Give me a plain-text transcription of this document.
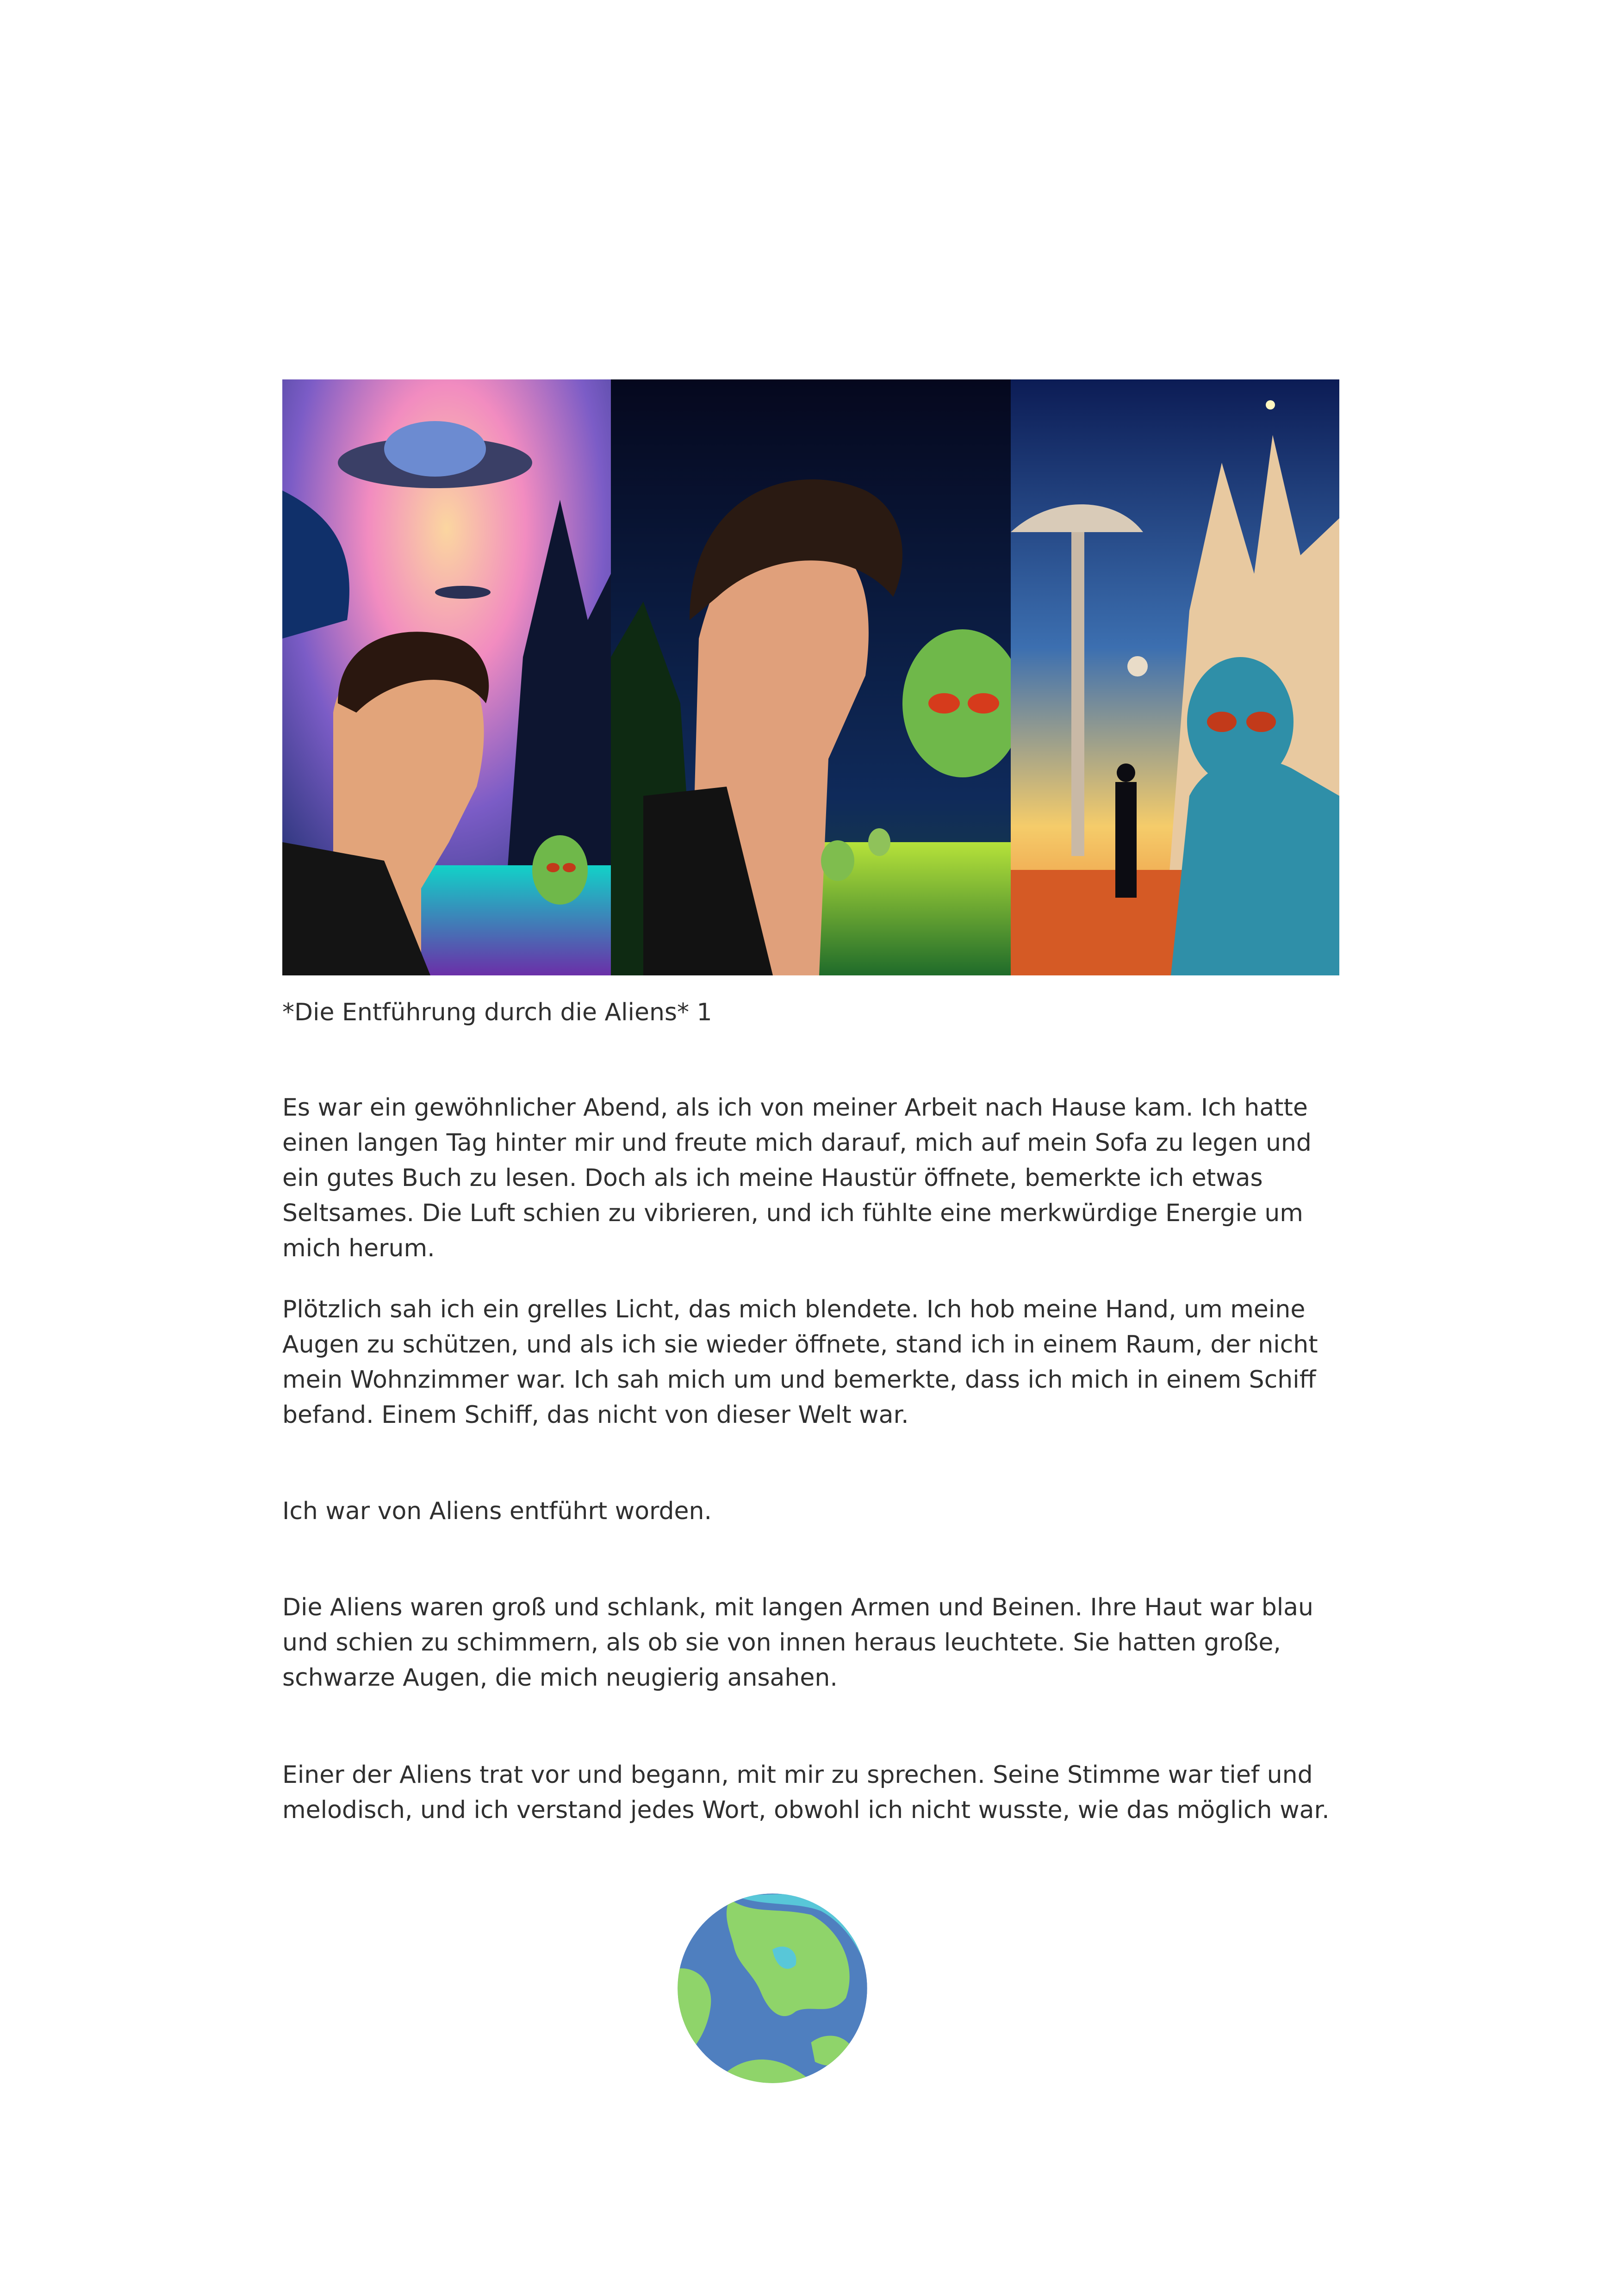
*Die Entführung durch die Aliens* 1

Es war ein gewöhnlicher Abend, als ich von meiner Arbeit nach Hause kam. Ich hatte einen langen Tag hinter mir und freute mich darauf, mich auf mein Sofa zu legen und ein gutes Buch zu lesen. Doch als ich meine Haustür öffnete, bemerkte ich etwas Seltsames. Die Luft schien zu vibrieren, und ich fühlte eine merkwürdige Energie um mich herum.

Plötzlich sah ich ein grelles Licht, das mich blendete. Ich hob meine Hand, um meine Augen zu schützen, und als ich sie wieder öffnete, stand ich in einem Raum, der nicht mein Wohnzimmer war. Ich sah mich um und bemerkte, dass ich mich in einem Schiff befand. Einem Schiff, das nicht von dieser Welt war.

Ich war von Aliens entführt worden.

Die Aliens waren groß und schlank, mit langen Armen und Beinen. Ihre Haut war blau und schien zu schimmern, als ob sie von innen heraus leuchtete. Sie hatten große, schwarze Augen, die mich neugierig ansahen.

Einer der Aliens trat vor und begann, mit mir zu sprechen. Seine Stimme war tief und melodisch, und ich verstand jedes Wort, obwohl ich nicht wusste, wie das möglich war.
